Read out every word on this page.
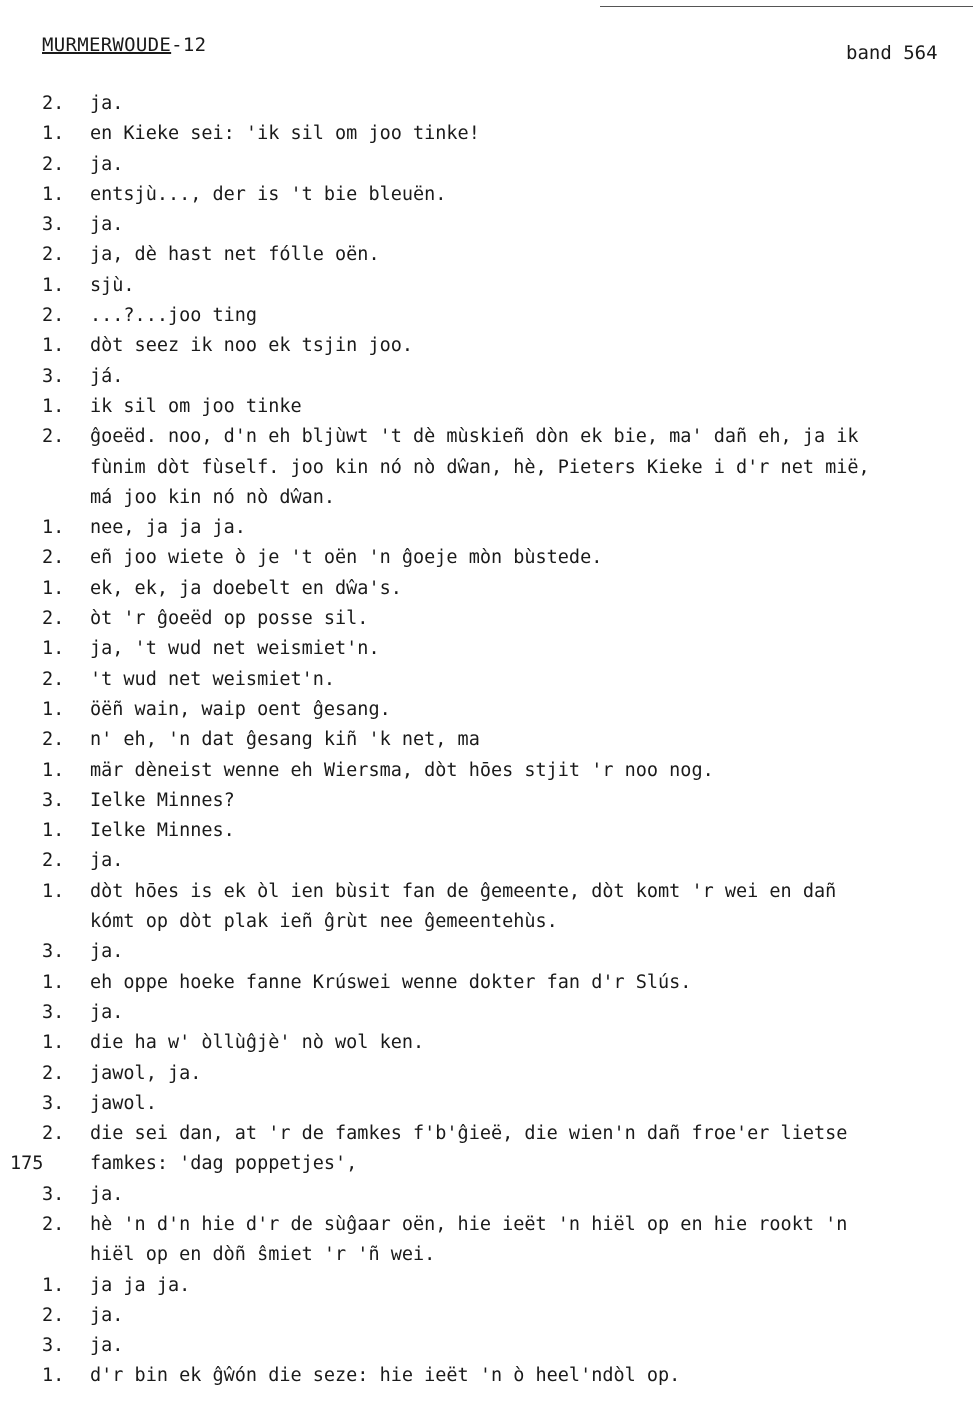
MURMERWOUDE-12	band 564
2. ja.
1. en Kieke sei: 'ik sil om joo tinke!
2. ja.
1. entsjù..., der is 't bie bleuën.
3. ja.
2. ja, dè hast net fóllе oën.
1. sjù.
2. ...?...joo ting
1. dòt seez ik noo ek tsjin joo.
3. já.
1. ik sil om joo tinke
2. ĝoeëd. noo, d'n eh bljùwt 't dè mùskieñ dòn ek bie, ma' dañ eh, ja ik
fùnim dòt fùself. joo kin nó nò dŵan, hè, Pieters Kieke i d'r net mië,
má joo kin nó nò dŵan.
1. nee, ja ja ja.
2. eñ joo wiete ò je 't oën 'n ĝoeje mòn bùstede.
1. ek, ek, ja doebelt en dŵa's.
2. òt 'r ĝoeëd op posse sil.
1. ja, 't wud net weismiet'n.
2. 't wud net weismiet'n.
1. öëñ wain, waip oent ĝesang.
2. n' eh, 'n dat ĝesang kiñ 'k net, ma
1. mär dèneist wenne eh Wiersma, dòt hōes stjit 'r noo nog.
3. Ielke Minnes?
1. Ielke Minnes.
2. ja.
1. dòt hōes is ek òl ien bùsit fan de ĝemeente, dòt komt 'r wei en dañ
kómt op dòt plak ieñ ĝrùt nee ĝemeentehùs.
3. ja.
1. eh oppe hoeke fanne Krúswei wenne dokter fan d'r Slús.
3. ja.
1. die ha w' òllùĝjè' nò wol ken.
2. jawol, ja.
3. jawol.
2. die sei dan, at 'r de famkes f'b'ĝieë, die wien'n dañ froe'er lietse
175	famkes: 'dag poppetjes',
3. ja.
2. hè 'n d'n hie d'r de sùĝaar oën, hie ieët 'n hiël op en hie rookt 'n
hiël op en dòñ ŝmiet 'r 'ñ wei.
1. ja ja ja.
2. ja.
3. ja.
1. d'r bin ek ĝŵón die seze: hie ieët 'n ò heel'ndòl op.
